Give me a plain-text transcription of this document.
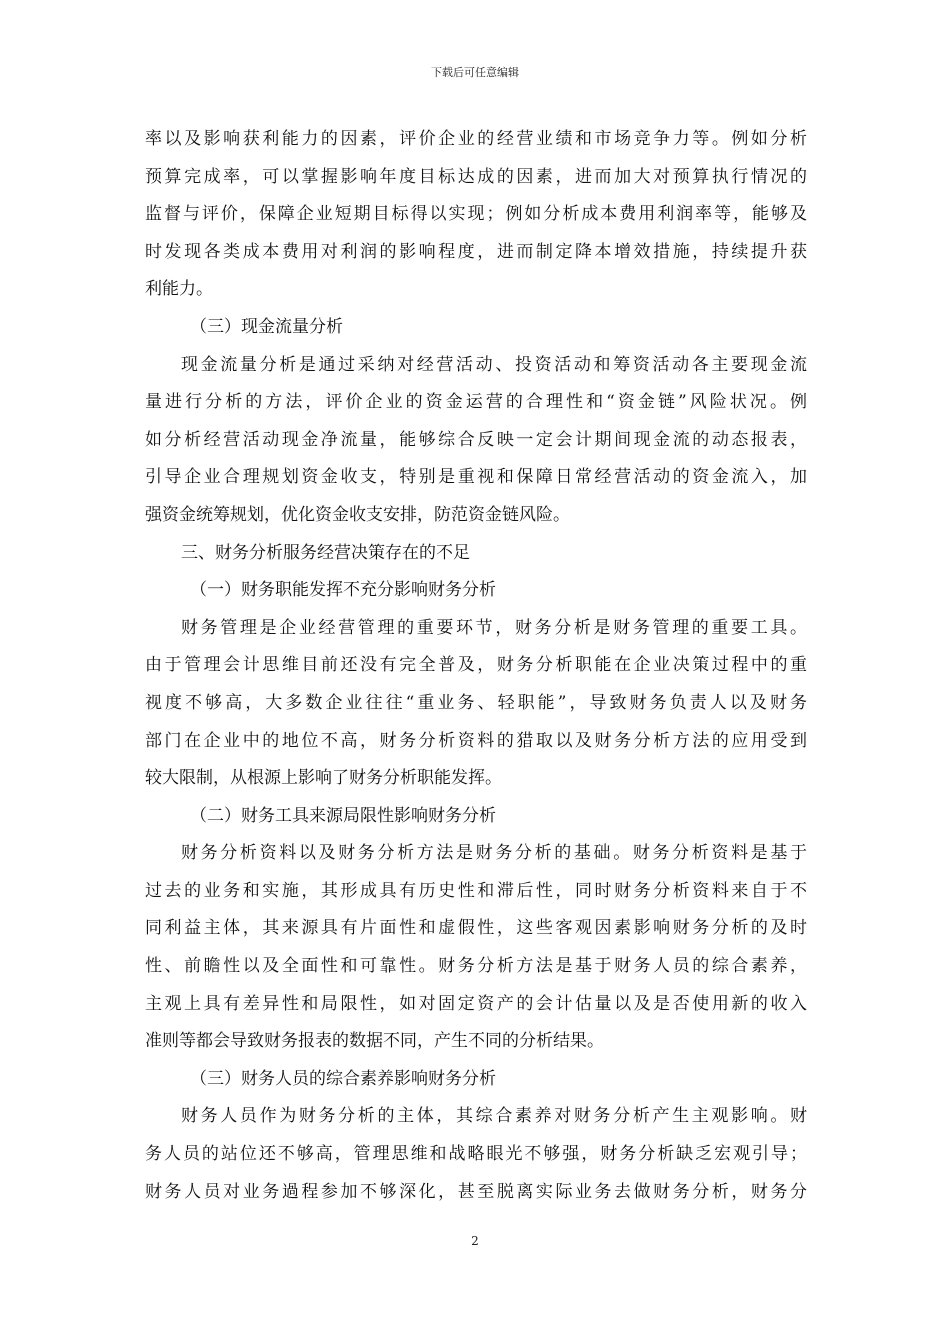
下载后可任意编辑
率以及影响获利能力的因素，评价企业的经营业绩和市场竞争力等。例如分析
预算完成率，可以掌握影响年度目标达成的因素，进而加大对预算执行情况的
监督与评价，保障企业短期目标得以实现；例如分析成本费用利润率等，能够及
时发现各类成本费用对利润的影响程度，进而制定降本增效措施，持续提升获
利能力。
（三）现金流量分析
现金流量分析是通过采纳对经营活动、投资活动和筹资活动各主要现金流
量进行分析的方法，评价企业的资金运营的合理性和“资金链”风险状况。例
如分析经营活动现金净流量，能够综合反映一定会计期间现金流的动态报表，
引导企业合理规划资金收支，特别是重视和保障日常经营活动的资金流入，加
强资金统筹规划，优化资金收支安排，防范资金链风险。
三、财务分析服务经营决策存在的不足
（一）财务职能发挥不充分影响财务分析
财务管理是企业经营管理的重要环节，财务分析是财务管理的重要工具。
由于管理会计思维目前还没有完全普及，财务分析职能在企业决策过程中的重
视度不够高，大多数企业往往“重业务、轻职能”，导致财务负责人以及财务
部门在企业中的地位不高，财务分析资料的猎取以及财务分析方法的应用受到
较大限制，从根源上影响了财务分析职能发挥。
（二）财务工具来源局限性影响财务分析
财务分析资料以及财务分析方法是财务分析的基础。财务分析资料是基于
过去的业务和实施，其形成具有历史性和滞后性，同时财务分析资料来自于不
同利益主体，其来源具有片面性和虚假性，这些客观因素影响财务分析的及时
性、前瞻性以及全面性和可靠性。财务分析方法是基于财务人员的综合素养，
主观上具有差异性和局限性，如对固定资产的会计估量以及是否使用新的收入
准则等都会导致财务报表的数据不同，产生不同的分析结果。
（三）财务人员的综合素养影响财务分析
财务人员作为财务分析的主体，其综合素养对财务分析产生主观影响。财
务人员的站位还不够高，管理思维和战略眼光不够强，财务分析缺乏宏观引导；
财务人员对业务過程参加不够深化，甚至脱离实际业务去做财务分析，财务分
2
